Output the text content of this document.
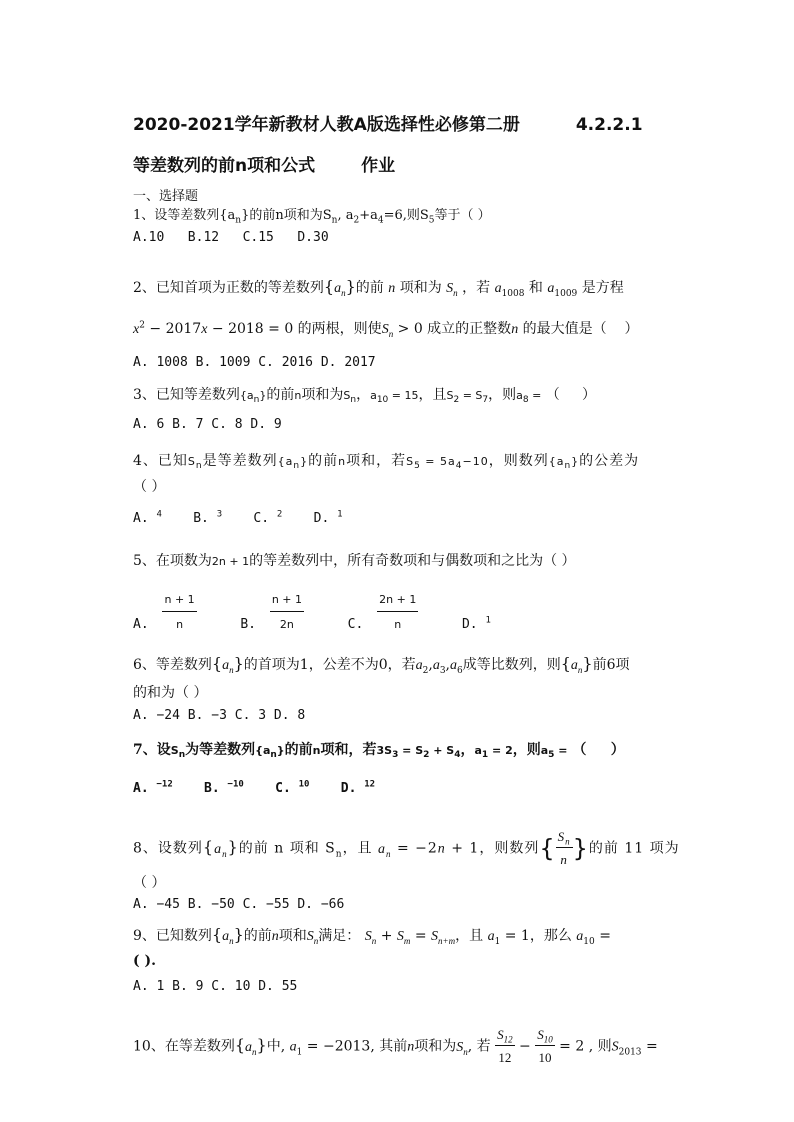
2020-2021学年新教材人教A版选择性必修第二册	4.2.2.1
等差数列的前n项和公式	作业
一、选择题
1、设等差数列$\{a_n\}$的前n项和为$S_n$, $a_2+a_4=6$,则$S_5$等于（ ）
A.10   B.12   C.15   D.30
2、已知首项为正数的等差数列$\{a_n\}$的前 n 项和为 $S_n$ ，若 $a_{1008}$ 和 $a_{1009}$ 是方程
$x^2 - 2017x - 2018 = 0$ 的两根，则使$S_n > 0$ 成立的正整数n 的最大值是（    ）
A. 1008 B. 1009 C. 2016 D. 2017
3、已知等差数列$\{a_n\}$的前n项和为$S_n$，$a_{10} = 15$，且$S_2 = S_7$，则$a_8$ = （     ）
A. 6 B. 7 C. 8 D. 9
4、已知$S_n$是等差数列$\{a_n\}$的前n项和，若$S_5 = 5a_4-10$，则数列$\{a_n\}$的公差为
（ ）
A. $^4$    B. $^3$    C. $^2$    D. $^1$
5、在项数为2n + 1的等差数列中，所有奇数项和与偶数项和之比为（ ）
A. $\frac{n + 1}{n}$	B. $\frac{n + 1}{2n}$	C. $\frac{2n + 1}{n}$	D. $^1$
6、等差数列$\{a_n\}$的首项为1，公差不为0，若$a_2,a_3,a_6$成等比数列，则$\{a_n\}$前6项
的和为（ ）
A. −24 B. −3 C. 3 D. 8
7、设$S_n$为等差数列$\{a_n\}$的前n项和，若$3S_3 = S_2 + S_4$，$a_1 = 2$，则$a_5$ = （     ）
A. $^{-12}$    B. $^{-10}$    C. $^{10}$    D. $^{12}$
8、设数列$\{a_n\}$的前 n 项和 $S_n$，且 $a_n = -2n + 1$，则数列{ $\frac{S_n}{n}$ }的前 11 项为
（ ）
A. −45 B. −50 C. −55 D. −66
9、已知数列$\{a_n\}$的前n项和$S_n$满足： $S_n + S_m = S_{n+m}$，且 $a_1 = 1$，那么 $a_{10}$ =
( ).
A. 1 B. 9 C. 10 D. 55
10、在等差数列$\{a_n\}$中, $a_1 = -2013$, 其前n项和为$S_n$, 若 $\frac{S_{12}}{12} - \frac{S_{10}}{10} = 2$ , 则$S_{2013}$ =
